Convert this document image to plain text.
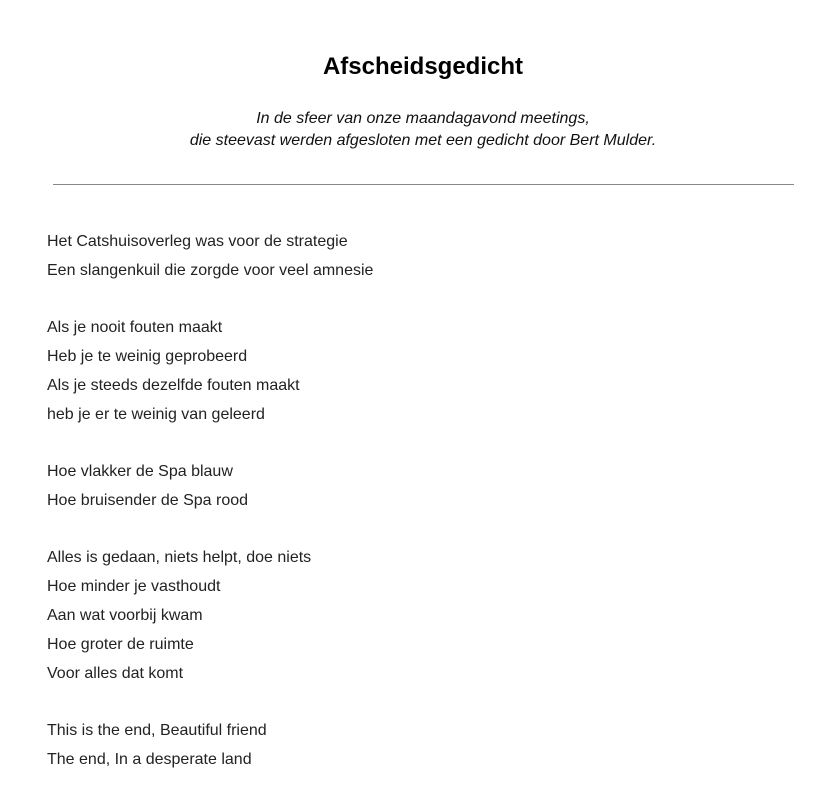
Afscheidsgedicht
In de sfeer van onze maandagavond meetings,
die steevast werden afgesloten met een gedicht door Bert Mulder.
Het Catshuisoverleg was voor de strategie
Een slangenkuil die zorgde voor veel amnesie
Als je nooit fouten maakt
Heb je te weinig geprobeerd
Als je steeds dezelfde fouten maakt
heb je er te weinig van geleerd
Hoe vlakker de Spa blauw
Hoe bruisender de Spa rood
Alles is gedaan, niets helpt, doe niets
Hoe minder je vasthoudt
Aan wat voorbij kwam
Hoe groter de ruimte
Voor alles dat komt
This is the end, Beautiful friend
The end, In a desperate land
